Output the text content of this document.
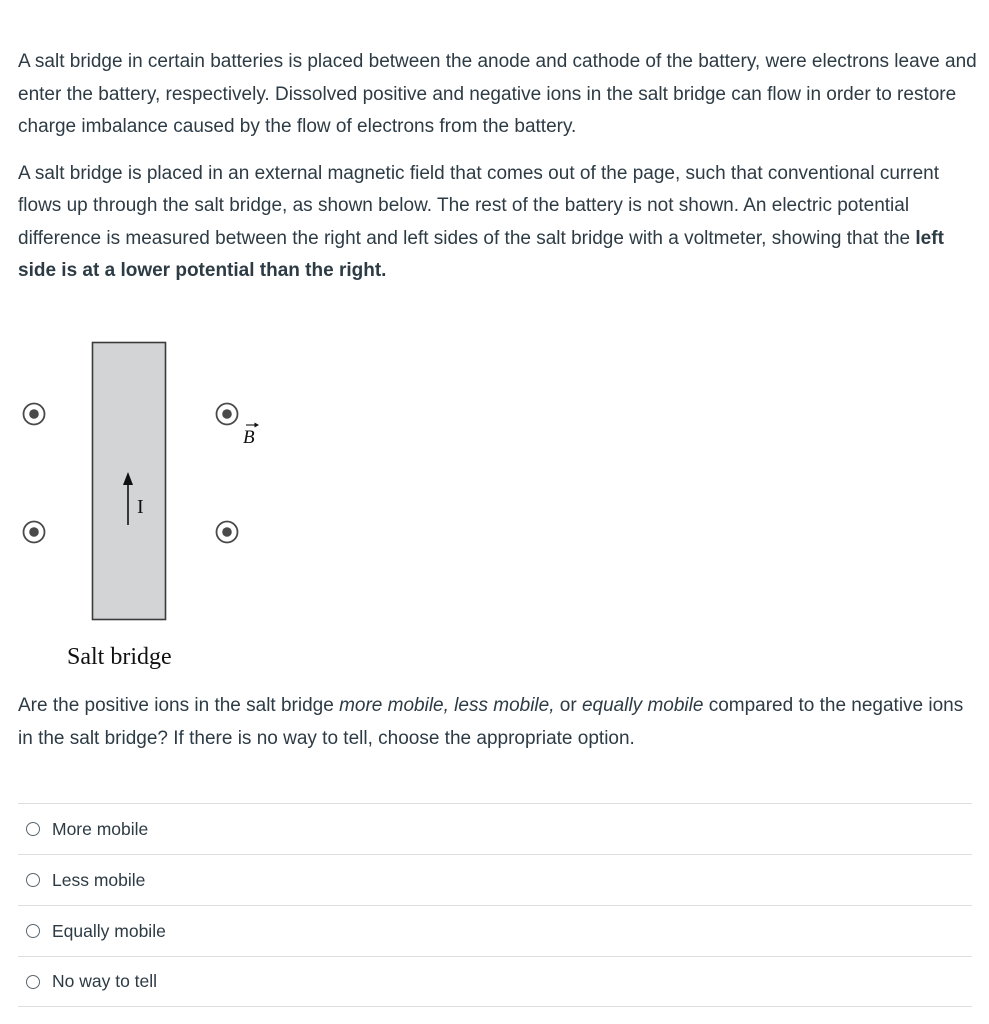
A salt bridge in certain batteries is placed between the anode and cathode of the battery, were electrons leave and enter the battery, respectively. Dissolved positive and negative ions in the salt bridge can flow in order to restore charge imbalance caused by the flow of electrons from the battery.

A salt bridge is placed in an external magnetic field that comes out of the page, such that conventional current flows up through the salt bridge, as shown below. The rest of the battery is not shown. An electric potential difference is measured between the right and left sides of the salt bridge with a voltmeter, showing that the left side is at a lower potential than the right.

I
B
Salt bridge

Are the positive ions in the salt bridge more mobile, less mobile, or equally mobile compared to the negative ions in the salt bridge? If there is no way to tell, choose the appropriate option.

More mobile
Less mobile
Equally mobile
No way to tell
